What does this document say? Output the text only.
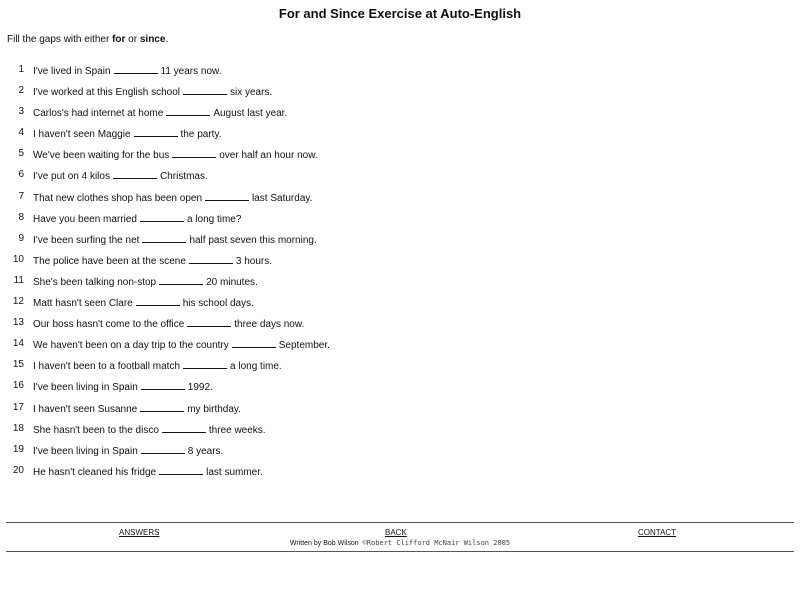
For and Since Exercise at Auto-English
Fill the gaps with either for or since.
1 I've lived in Spain	11 years now.
2 I've worked at this English school	six years.
3 Carlos's had internet at home	August last year.
4 I haven't seen Maggie	the party.
5 We've been waiting for the bus	over half an hour now.
6 I've put on 4 kilos	Christmas.
7 That new clothes shop has been open	last Saturday.
8 Have you been married	a long time?
9 I've been surfing the net	half past seven this morning.
10 The police have been at the scene	3 hours.
11 She's been talking non-stop	20 minutes.
12 Matt hasn't seen Clare	his school days.
13 Our boss hasn't come to the office	three days now.
14 We haven't been on a day trip to the country	September.
15 I haven't been to a football match	a long time.
16 I've been living in Spain	1992.
17 I haven't seen Susanne	my birthday.
18 She hasn't been to the disco	three weeks.
19 I've been living in Spain	8 years.
20 He hasn't cleaned his fridge	last summer.
ANSWERS	BACK	CONTACT
Written by Bob Wilson ©Robert Clifford McNair Wilson 2005
